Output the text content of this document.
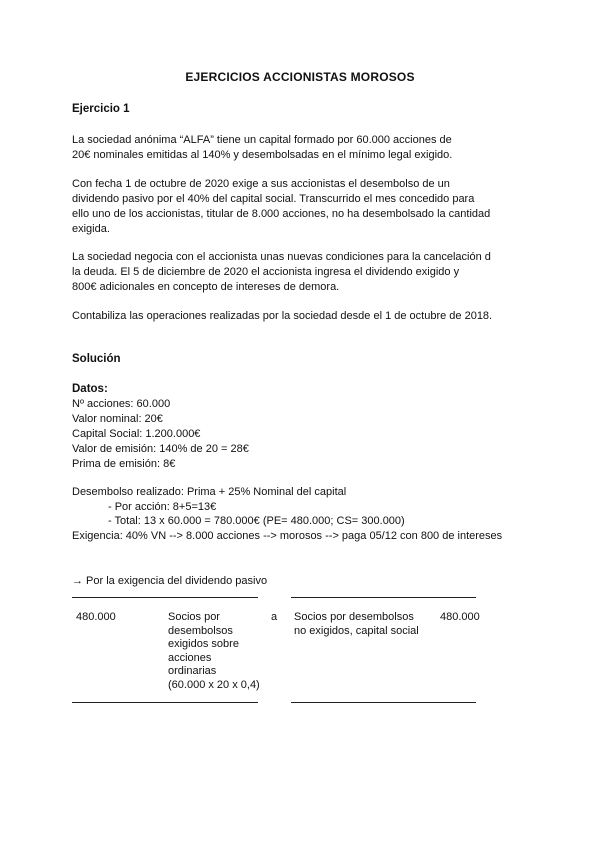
EJERCICIOS ACCIONISTAS MOROSOS
Ejercicio 1
La sociedad anónima “ALFA” tiene un capital formado por 60.000 acciones de
20€ nominales emitidas al 140% y desembolsadas en el mínimo legal exigido.
Con fecha 1 de octubre de 2020 exige a sus accionistas el desembolso de un
dividendo pasivo por el 40% del capital social. Transcurrido el mes concedido para
ello uno de los accionistas, titular de 8.000 acciones, no ha desembolsado la cantidad
exigida.
La sociedad negocia con el accionista unas nuevas condiciones para la cancelación d
la deuda. El 5 de diciembre de 2020 el accionista ingresa el dividendo exigido y
800€ adicionales en concepto de intereses de demora.
Contabiliza las operaciones realizadas por la sociedad desde el 1 de octubre de 2018.
Solución
Datos:
Nº acciones: 60.000
Valor nominal: 20€
Capital Social: 1.200.000€
Valor de emisión: 140% de 20 = 28€
Prima de emisión: 8€
Desembolso realizado: Prima + 25% Nominal del capital
- Por acción: 8+5=13€
- Total: 13 x 60.000 = 780.000€ (PE= 480.000; CS= 300.000)
Exigencia: 40% VN --> 8.000 acciones --> morosos --> paga 05/12 con 800 de intereses
→ Por la exigencia del dividendo pasivo
480.000	Socios por
desembolsos
exigidos sobre
acciones
ordinarias
(60.000 x 20 x 0,4)
a Socios por desembolsos
no exigidos, capital social
480.000
